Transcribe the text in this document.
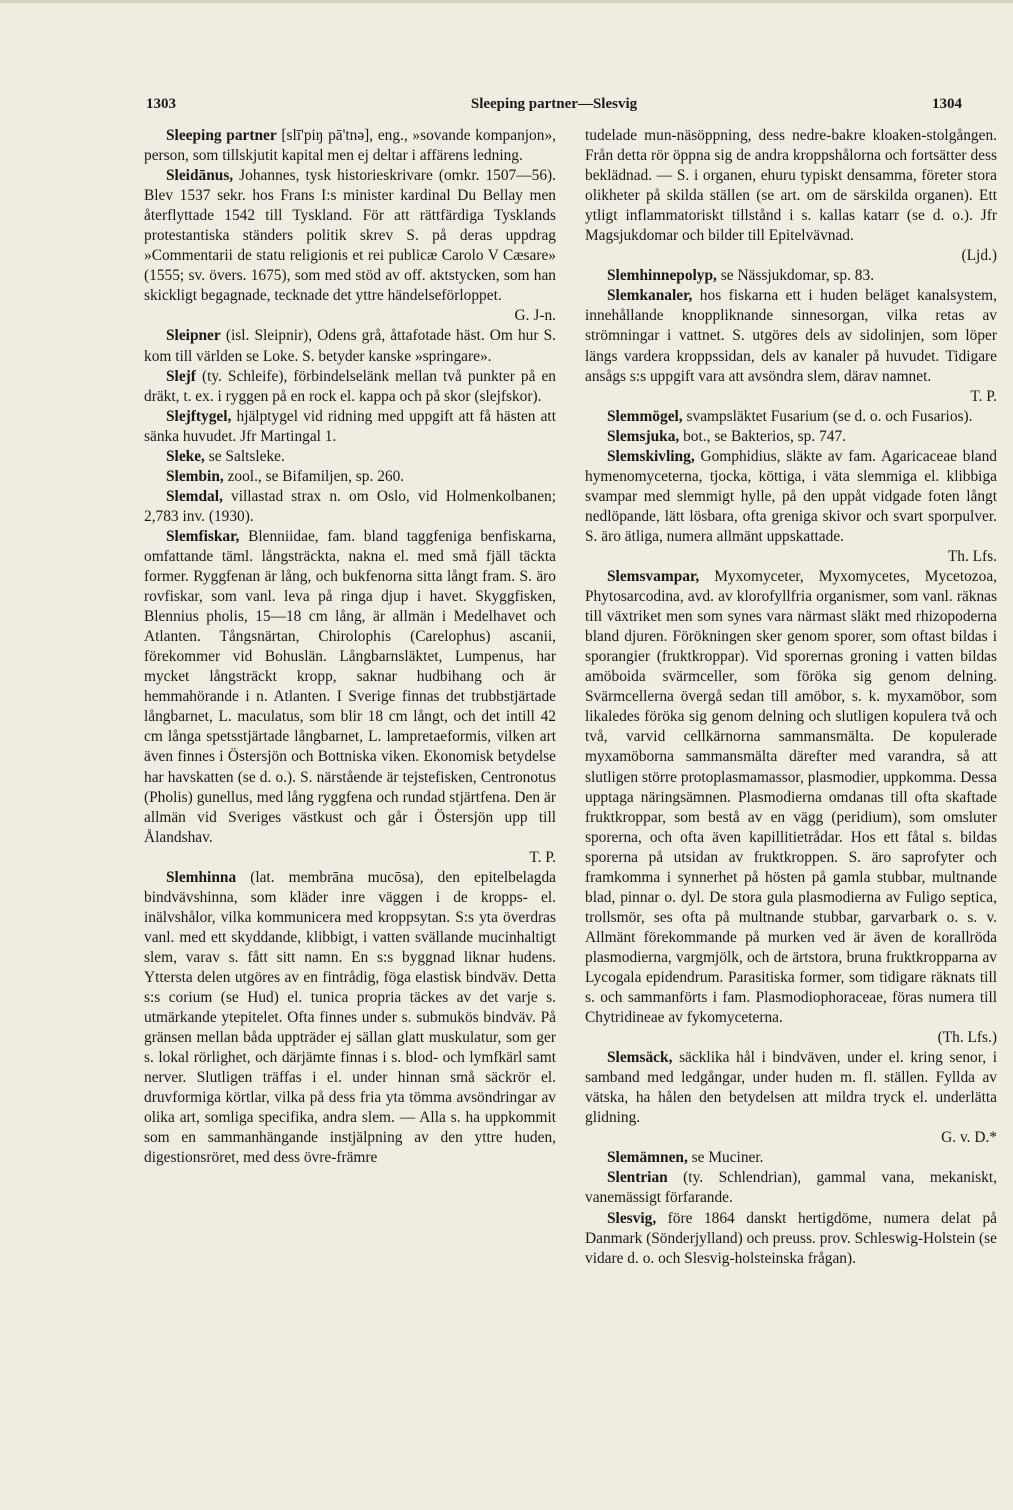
1303	Sleeping partner—Slesvig	1304

Sleeping partner [slī'piŋ pā'tnə], eng., »sovande kompanjon», person, som tillskjutit kapital men ej deltar i affärens ledning.

Sleidānus, Johannes, tysk historieskrivare (omkr. 1507—56). Blev 1537 sekr. hos Frans I:s minister kardinal Du Bellay men återflyttade 1542 till Tyskland. För att rättfärdiga Tysklands protestantiska ständers politik skrev S. på deras uppdrag »Commentarii de statu religionis et rei publicæ Carolo V Cæsare» (1555; sv. övers. 1675), som med stöd av off. aktstycken, som han skickligt begagnade, tecknade det yttre händelseförloppet.
G. J-n.

Sleipner (isl. Sleipnir), Odens grå, åttafotade häst. Om hur S. kom till världen se Loke. S. betyder kanske »springare».

Slejf (ty. Schleife), förbindelselänk mellan två punkter på en dräkt, t. ex. i ryggen på en rock el. kappa och på skor (slejfskor).

Slejftygel, hjälptygel vid ridning med uppgift att få hästen att sänka huvudet. Jfr Martingal 1.

Sleke, se Saltsleke.

Slembin, zool., se Bifamiljen, sp. 260.

Slemdal, villastad strax n. om Oslo, vid Holmenkolbanen; 2,783 inv. (1930).

Slemfiskar, Blenniidae, fam. bland taggfeniga benfiskarna, omfattande täml. långsträckta, nakna el. med små fjäll täckta former. Ryggfenan är lång, och bukfenorna sitta långt fram. S. äro rovfiskar, som vanl. leva på ringa djup i havet. Skyggfisken, Blennius pholis, 15—18 cm lång, är allmän i Medelhavet och Atlanten. Tångsnärtan, Chirolophis (Carelophus) ascanii, förekommer vid Bohuslän. Långbarnsläktet, Lumpenus, har mycket långsträckt kropp, saknar hudbihang och är hemmahörande i n. Atlanten. I Sverige finnas det trubbstjärtade långbarnet, L. maculatus, som blir 18 cm långt, och det intill 42 cm långa spetsstjärtade långbarnet, L. lampretaeformis, vilken art även finnes i Östersjön och Bottniska viken. Ekonomisk betydelse har havskatten (se d. o.). S. närstående är tejstefisken, Centronotus (Pholis) gunellus, med lång ryggfena och rundad stjärtfena. Den är allmän vid Sveriges västkust och går i Östersjön upp till Ålandshav.
T. P.

Slemhinna (lat. membrāna mucōsa), den epitelbelagda bindvävshinna, som kläder inre väggen i de kropps- el. inälvshålor, vilka kommunicera med kroppsytan. S:s yta överdras vanl. med ett skyddande, klibbigt, i vatten svällande mucinhaltigt slem, varav s. fått sitt namn. En s:s byggnad liknar hudens. Yttersta delen utgöres av en fintrådig, föga elastisk bindväv. Detta s:s corium (se Hud) el. tunica propria täckes av det varje s. utmärkande ytepitelet. Ofta finnes under s. submukös bindväv. På gränsen mellan båda uppträder ej sällan glatt muskulatur, som ger s. lokal rörlighet, och därjämte finnas i s. blod- och lymfkärl samt nerver. Slutligen träffas i el. under hinnan små säckrör el. druvformiga körtlar, vilka på dess fria yta tömma avsöndringar av olika art, somliga specifika, andra slem. — Alla s. ha uppkommit som en sammanhängande instjälpning av den yttre huden, digestionsröret, med dess övre-främre

tudelade mun-näsöppning, dess nedre-bakre kloaken-stolgången. Från detta rör öppna sig de andra kroppshålorna och fortsätter dess beklädnad. — S. i organen, ehuru typiskt densamma, företer stora olikheter på skilda ställen (se art. om de särskilda organen). Ett ytligt inflammatoriskt tillstånd i s. kallas katarr (se d. o.). Jfr Magsjukdomar och bilder till Epitelvävnad.
(Ljd.)

Slemhinnepolyp, se Nässjukdomar, sp. 83.

Slemkanaler, hos fiskarna ett i huden beläget kanalsystem, innehållande knoppliknande sinnesorgan, vilka retas av strömningar i vattnet. S. utgöres dels av sidolinjen, som löper längs vardera kroppssidan, dels av kanaler på huvudet. Tidigare ansågs s:s uppgift vara att avsöndra slem, därav namnet.
T. P.

Slemmögel, svampsläktet Fusarium (se d. o. och Fusarios).

Slemsjuka, bot., se Bakterios, sp. 747.

Slemskivling, Gomphidius, släkte av fam. Agaricaceae bland hymenomyceterna, tjocka, köttiga, i väta slemmiga el. klibbiga svampar med slemmigt hylle, på den uppåt vidgade foten långt nedlöpande, lätt lösbara, ofta greniga skivor och svart sporpulver. S. äro ätliga, numera allmänt uppskattade.
Th. Lfs.

Slemsvampar, Myxomyceter, Myxomycetes, Mycetozoa, Phytosarcodina, avd. av klorofyllfria organismer, som vanl. räknas till växtriket men som synes vara närmast släkt med rhizopoderna bland djuren. Förökningen sker genom sporer, som oftast bildas i sporangier (fruktkroppar). Vid sporernas groning i vatten bildas amöboida svärmceller, som föröka sig genom delning. Svärmcellerna övergå sedan till amöbor, s. k. myxamöbor, som likaledes föröka sig genom delning och slutligen kopulera två och två, varvid cellkärnorna sammansmälta. De kopulerade myxamöborna sammansmälta därefter med varandra, så att slutligen större protoplasmamassor, plasmodier, uppkomma. Dessa upptaga näringsämnen. Plasmodierna omdanas till ofta skaftade fruktkroppar, som bestå av en vägg (peridium), som omsluter sporerna, och ofta även kapillitietrådar. Hos ett fåtal s. bildas sporerna på utsidan av fruktkroppen. S. äro saprofyter och framkomma i synnerhet på hösten på gamla stubbar, multnande blad, pinnar o. dyl. De stora gula plasmodierna av Fuligo septica, trollsmör, ses ofta på multnande stubbar, garvarbark o. s. v. Allmänt förekommande på murken ved är även de korallröda plasmodierna, vargmjölk, och de ärtstora, bruna fruktkropparna av Lycogala epidendrum. Parasitiska former, som tidigare räknats till s. och sammanförts i fam. Plasmodiophoraceae, föras numera till Chytridineae av fykomyceterna.
(Th. Lfs.)

Slemsäck, säcklika hål i bindväven, under el. kring senor, i samband med ledgångar, under huden m. fl. ställen. Fyllda av vätska, ha hålen den betydelsen att mildra tryck el. underlätta glidning.
G. v. D.*

Slemämnen, se Muciner.

Slentrian (ty. Schlendrian), gammal vana, mekaniskt, vanemässigt förfarande.

Slesvig, före 1864 danskt hertigdöme, numera delat på Danmark (Sönderjylland) och preuss. prov. Schleswig-Holstein (se vidare d. o. och Slesvig-holsteinska frågan).
